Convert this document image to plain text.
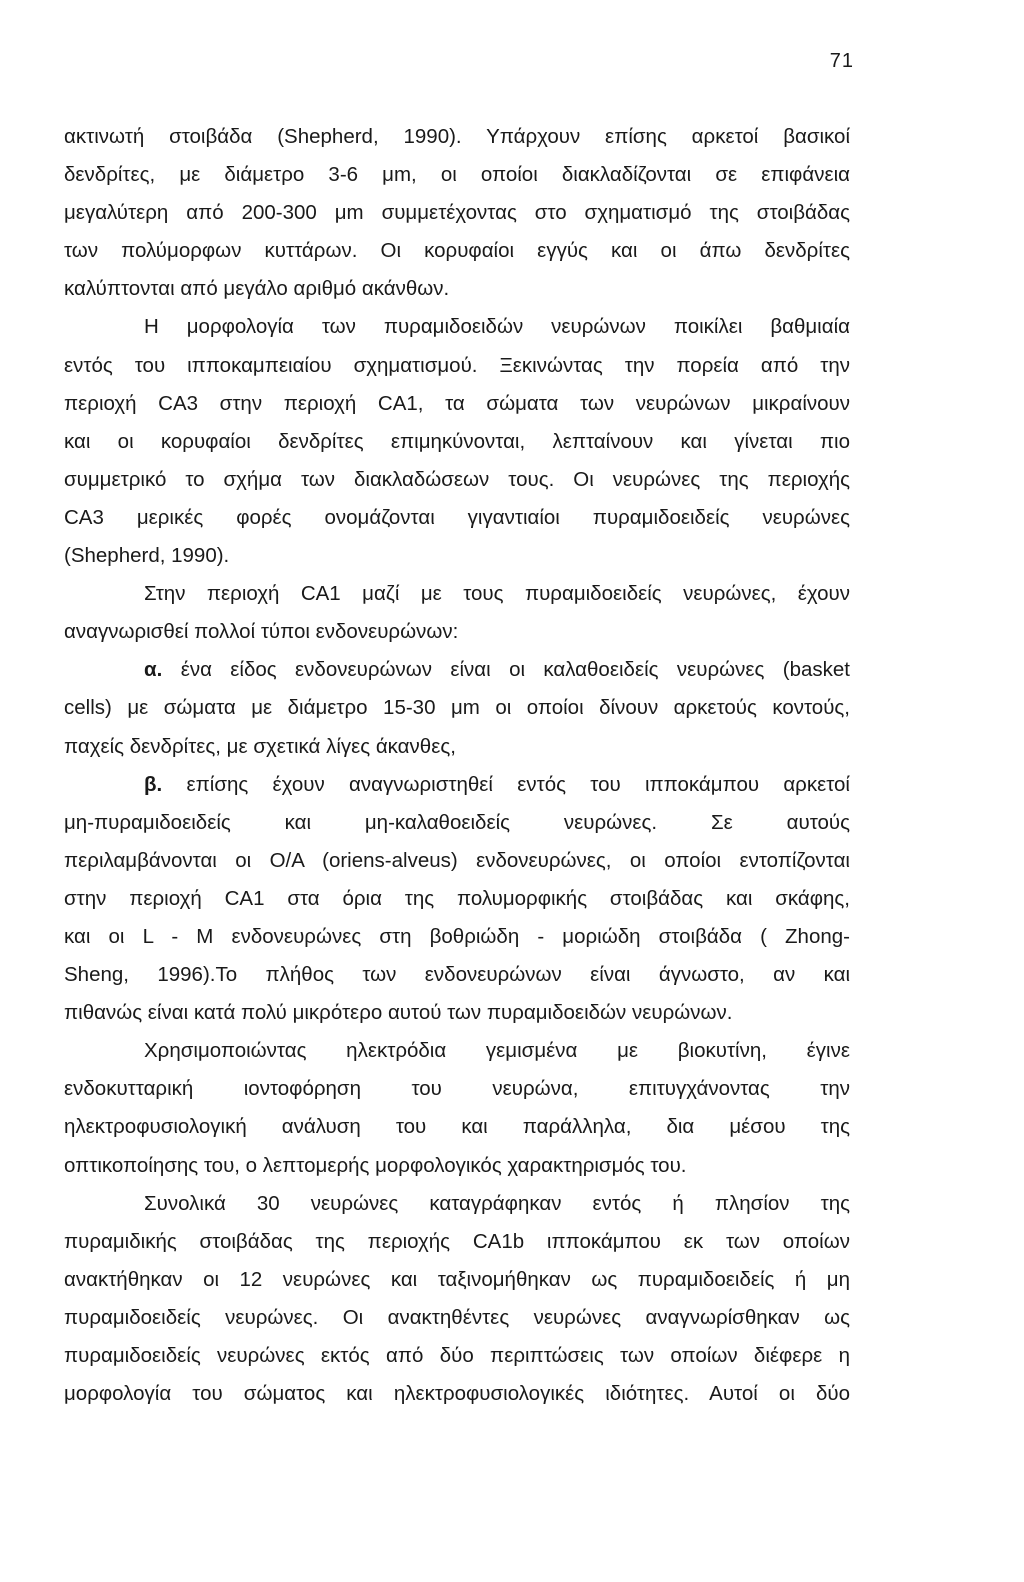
71
ακτινωτή στοιβάδα (Shepherd, 1990). Υπάρχουν επίσης αρκετοί βασικοί
δενδρίτες, με διάμετρο 3-6 μm, οι οποίοι διακλαδίζονται σε επιφάνεια
μεγαλύτερη από 200-300 μm συμμετέχοντας στο σχηματισμό της στοιβάδας
των πολύμορφων κυττάρων. Οι κορυφαίοι εγγύς και οι άπω δενδρίτες
καλύπτονται από μεγάλο αριθμό ακάνθων.
Η μορφολογία των πυραμιδοειδών νευρώνων ποικίλει βαθμιαία
εντός του ιπποκαμπειαίου σχηματισμού. Ξεκινώντας την πορεία από την
περιοχή CA3 στην περιοχή CA1, τα σώματα των νευρώνων μικραίνουν
και οι κορυφαίοι δενδρίτες επιμηκύνονται, λεπταίνουν και γίνεται πιο
συμμετρικό το σχήμα των διακλαδώσεων τους. Οι νευρώνες της περιοχής
CA3 μερικές φορές ονομάζονται γιγαντιαίοι πυραμιδοειδείς νευρώνες
(Shepherd, 1990).
Στην περιοχή CA1 μαζί με τους πυραμιδοειδείς νευρώνες, έχουν
αναγνωρισθεί πολλοί τύποι ενδονευρώνων:
α. ένα είδος ενδονευρώνων είναι οι καλαθοειδείς νευρώνες (basket
cells) με σώματα με διάμετρο 15-30 μm οι οποίοι δίνουν αρκετούς κοντούς,
παχείς δενδρίτες, με σχετικά λίγες άκανθες,
β. επίσης έχουν αναγνωριστηθεί εντός του ιπποκάμπου αρκετοί
μη-πυραμιδοειδείς και μη-καλαθοειδείς νευρώνες. Σε αυτούς
περιλαμβάνονται οι O/A (oriens-alveus) ενδονευρώνες, οι οποίοι εντοπίζονται
στην περιοχή CA1 στα όρια της πολυμορφικής στοιβάδας και σκάφης,
και οι L - M ενδονευρώνες στη βοθριώδη - μοριώδη στοιβάδα ( Zhong-
Sheng, 1996).Το πλήθος των ενδονευρώνων είναι άγνωστο, αν και
πιθανώς είναι κατά πολύ μικρότερο αυτού των πυραμιδοειδών νευρώνων.
Χρησιμοποιώντας ηλεκτρόδια γεμισμένα με βιοκυτίνη, έγινε
ενδοκυτταρική ιοντοφόρηση του νευρώνα, επιτυγχάνοντας την
ηλεκτροφυσιολογική ανάλυση του και παράλληλα, δια μέσου της
οπτικοποίησης του, ο λεπτομερής μορφολογικός χαρακτηρισμός του.
Συνολικά 30 νευρώνες καταγράφηκαν εντός ή πλησίον της
πυραμιδικής στοιβάδας της περιοχής CA1b ιπποκάμπου εκ των οποίων
ανακτήθηκαν οι 12 νευρώνες και ταξινομήθηκαν ως πυραμιδοειδείς ή μη
πυραμιδοειδείς νευρώνες. Οι ανακτηθέντες νευρώνες αναγνωρίσθηκαν ως
πυραμιδοειδείς νευρώνες εκτός από δύο περιπτώσεις των οποίων διέφερε η
μορφολογία του σώματος και ηλεκτροφυσιολογικές ιδιότητες. Αυτοί οι δύο
